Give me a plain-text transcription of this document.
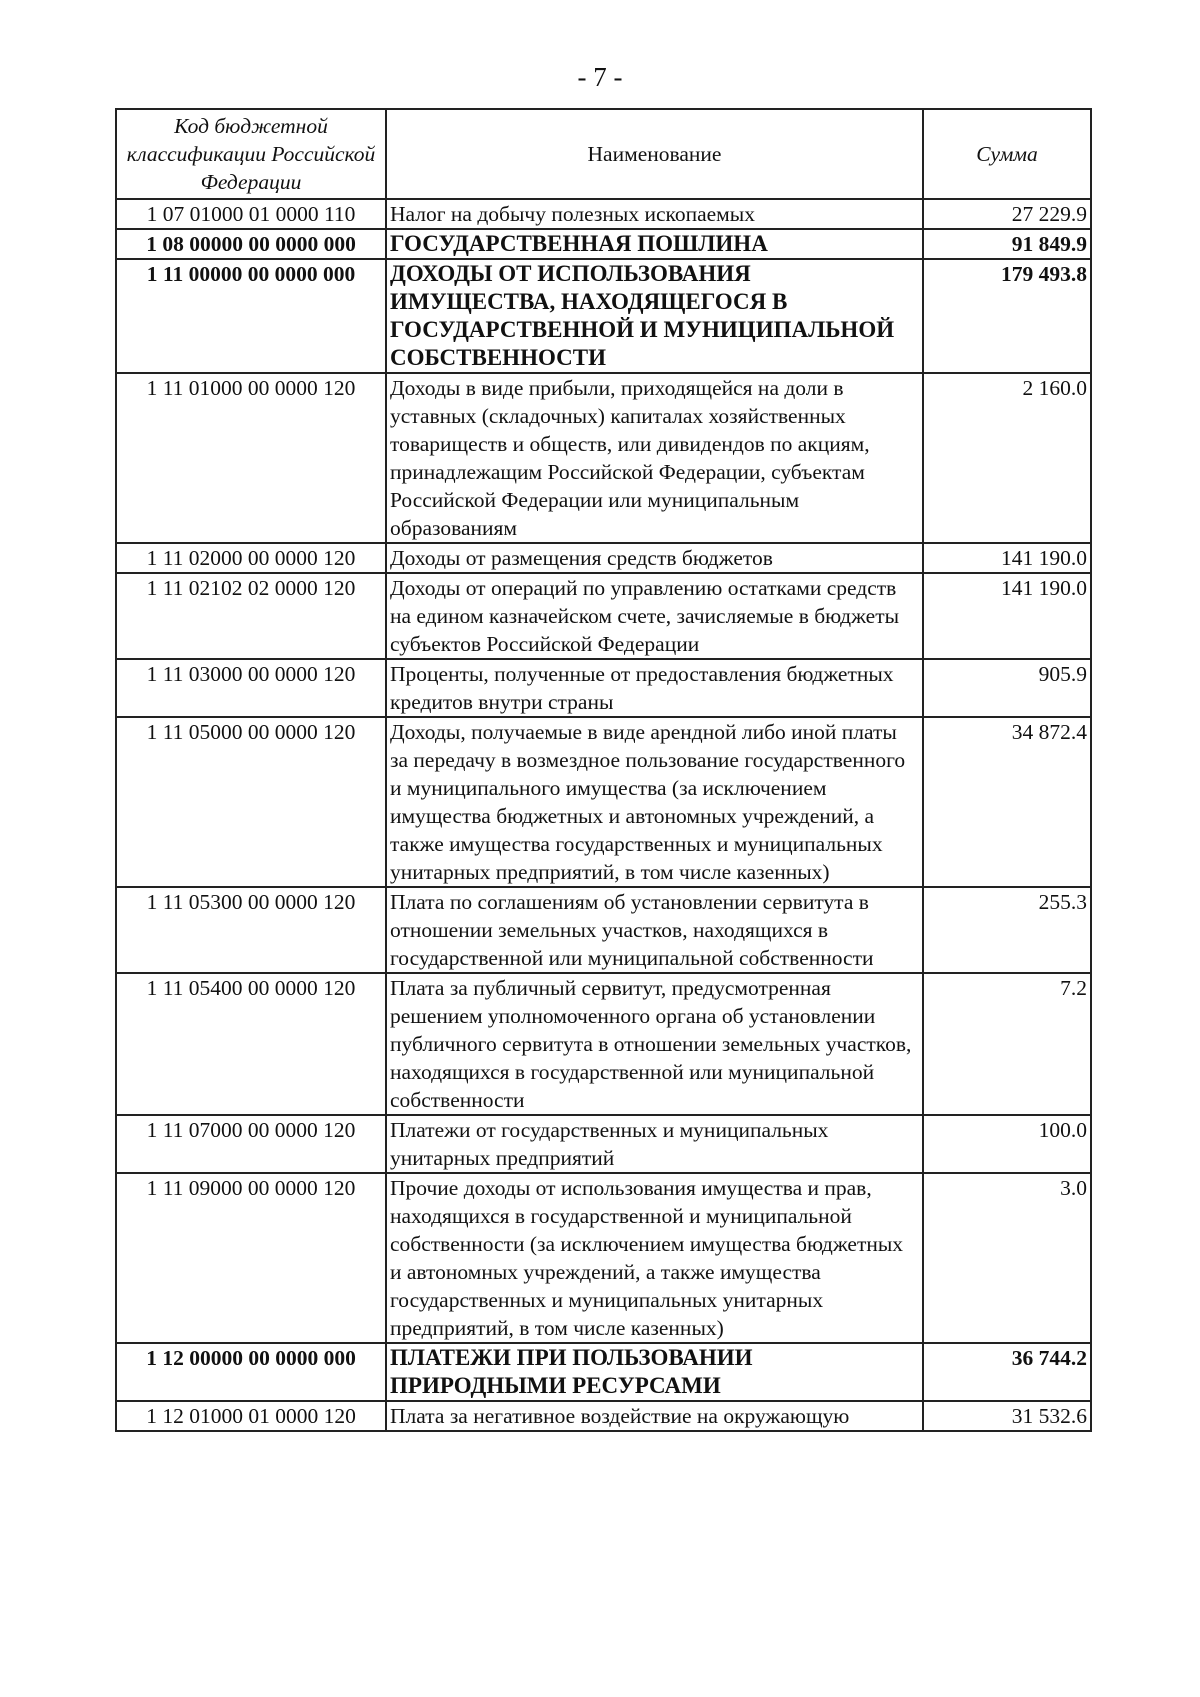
- 7 -
Код бюджетной классификации Российской Федерации	Наименование	Сумма
1 07 01000 01 0000 110	Налог на добычу полезных ископаемых	27 229.9
1 08 00000 00 0000 000	ГОСУДАРСТВЕННАЯ ПОШЛИНА	91 849.9
1 11 00000 00 0000 000	ДОХОДЫ ОТ ИСПОЛЬЗОВАНИЯ ИМУЩЕСТВА, НАХОДЯЩЕГОСЯ В ГОСУДАРСТВЕННОЙ И МУНИЦИПАЛЬНОЙ СОБСТВЕННОСТИ	179 493.8
1 11 01000 00 0000 120	Доходы в виде прибыли, приходящейся на доли в уставных (складочных) капиталах хозяйственных товариществ и обществ, или дивидендов по акциям, принадлежащим Российской Федерации, субъектам Российской Федерации или муниципальным образованиям	2 160.0
1 11 02000 00 0000 120	Доходы от размещения средств бюджетов	141 190.0
1 11 02102 02 0000 120	Доходы от операций по управлению остатками средств на едином казначейском счете, зачисляемые в бюджеты субъектов Российской Федерации	141 190.0
1 11 03000 00 0000 120	Проценты, полученные от предоставления бюджетных кредитов внутри страны	905.9
1 11 05000 00 0000 120	Доходы, получаемые в виде арендной либо иной платы за передачу в возмездное пользование государственного и муниципального имущества (за исключением имущества бюджетных и автономных учреждений, а также имущества государственных и муниципальных унитарных предприятий, в том числе казенных)	34 872.4
1 11 05300 00 0000 120	Плата по соглашениям об установлении сервитута в отношении земельных участков, находящихся в государственной или муниципальной собственности	255.3
1 11 05400 00 0000 120	Плата за публичный сервитут, предусмотренная решением уполномоченного органа об установлении публичного сервитута в отношении земельных участков, находящихся в государственной или муниципальной собственности	7.2
1 11 07000 00 0000 120	Платежи от государственных и муниципальных унитарных предприятий	100.0
1 11 09000 00 0000 120	Прочие доходы от использования имущества и прав, находящихся в государственной и муниципальной собственности (за исключением имущества бюджетных и автономных учреждений, а также имущества государственных и муниципальных унитарных предприятий, в том числе казенных)	3.0
1 12 00000 00 0000 000	ПЛАТЕЖИ ПРИ ПОЛЬЗОВАНИИ ПРИРОДНЫМИ РЕСУРСАМИ	36 744.2
1 12 01000 01 0000 120	Плата за негативное воздействие на окружающую	31 532.6
